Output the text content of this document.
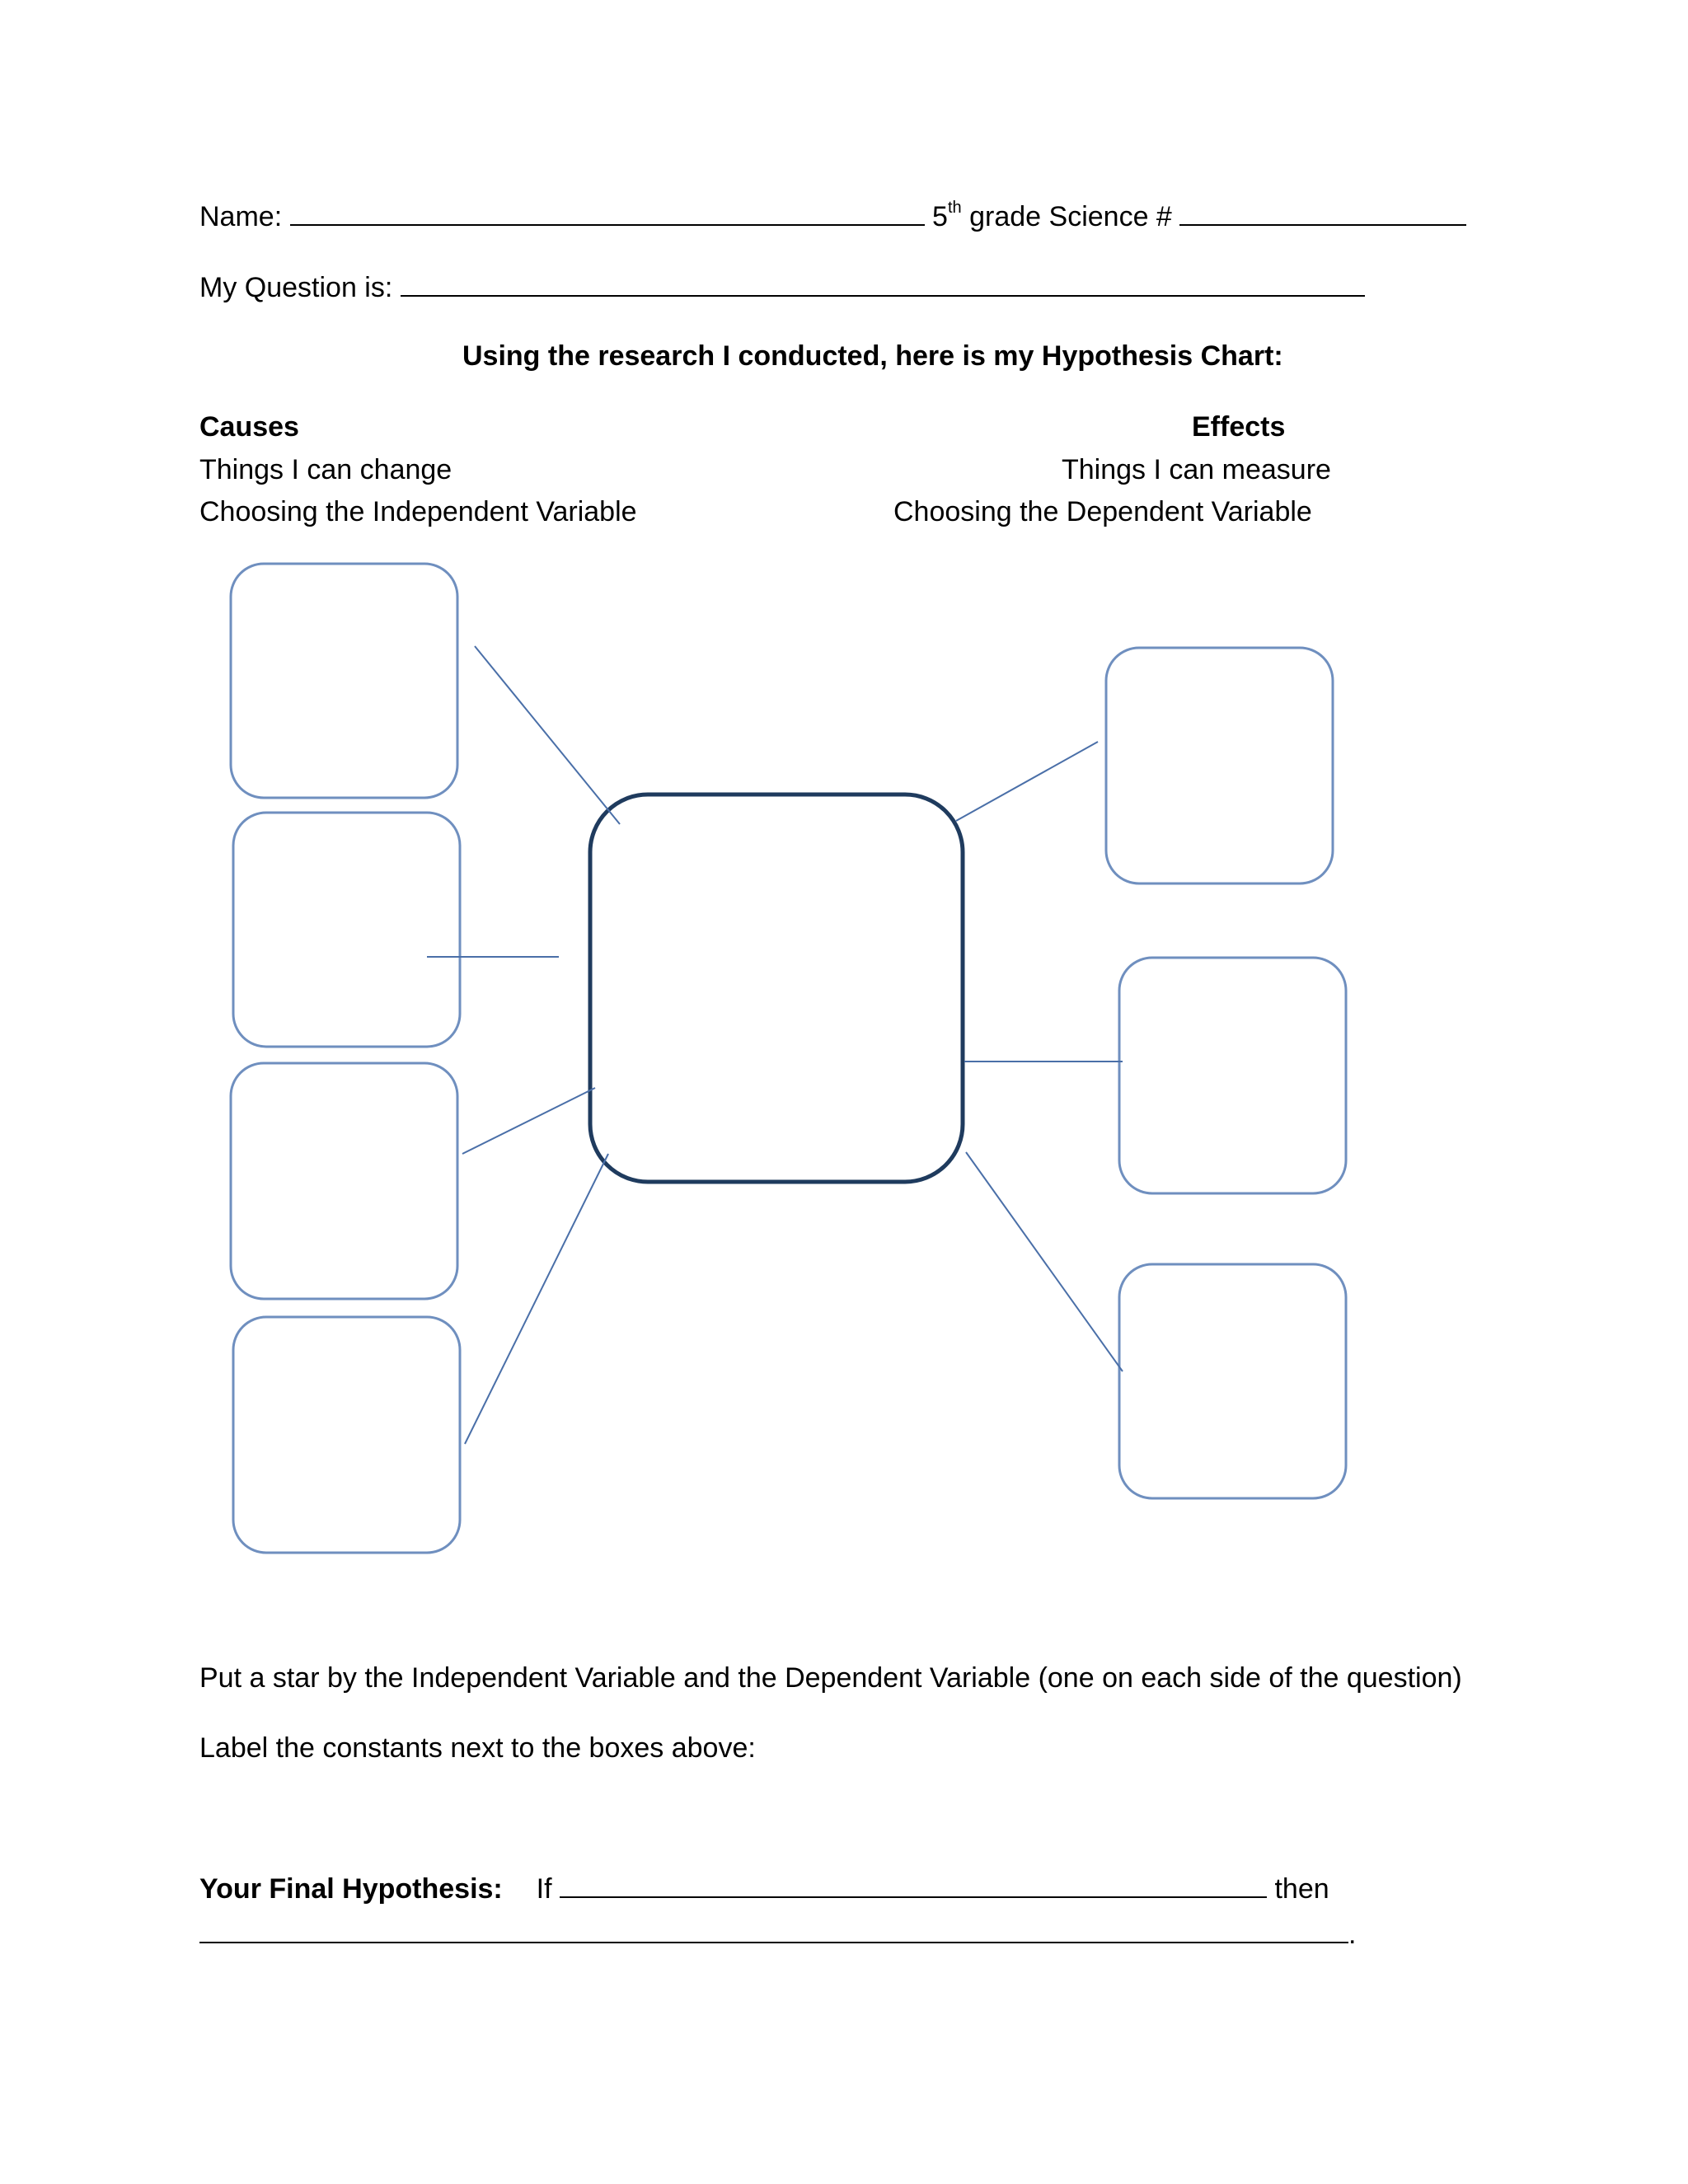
Name:	5th grade Science #
My Question is:
Using the research I conducted, here is my Hypothesis Chart:
Causes
Things I can change
Choosing the Independent Variable
Effects
Things I can measure
Choosing the Dependent Variable
Put a star by the Independent Variable and the Dependent Variable (one on each side of the question)
Label the constants next to the boxes above:
Your Final Hypothesis: If	then
.
